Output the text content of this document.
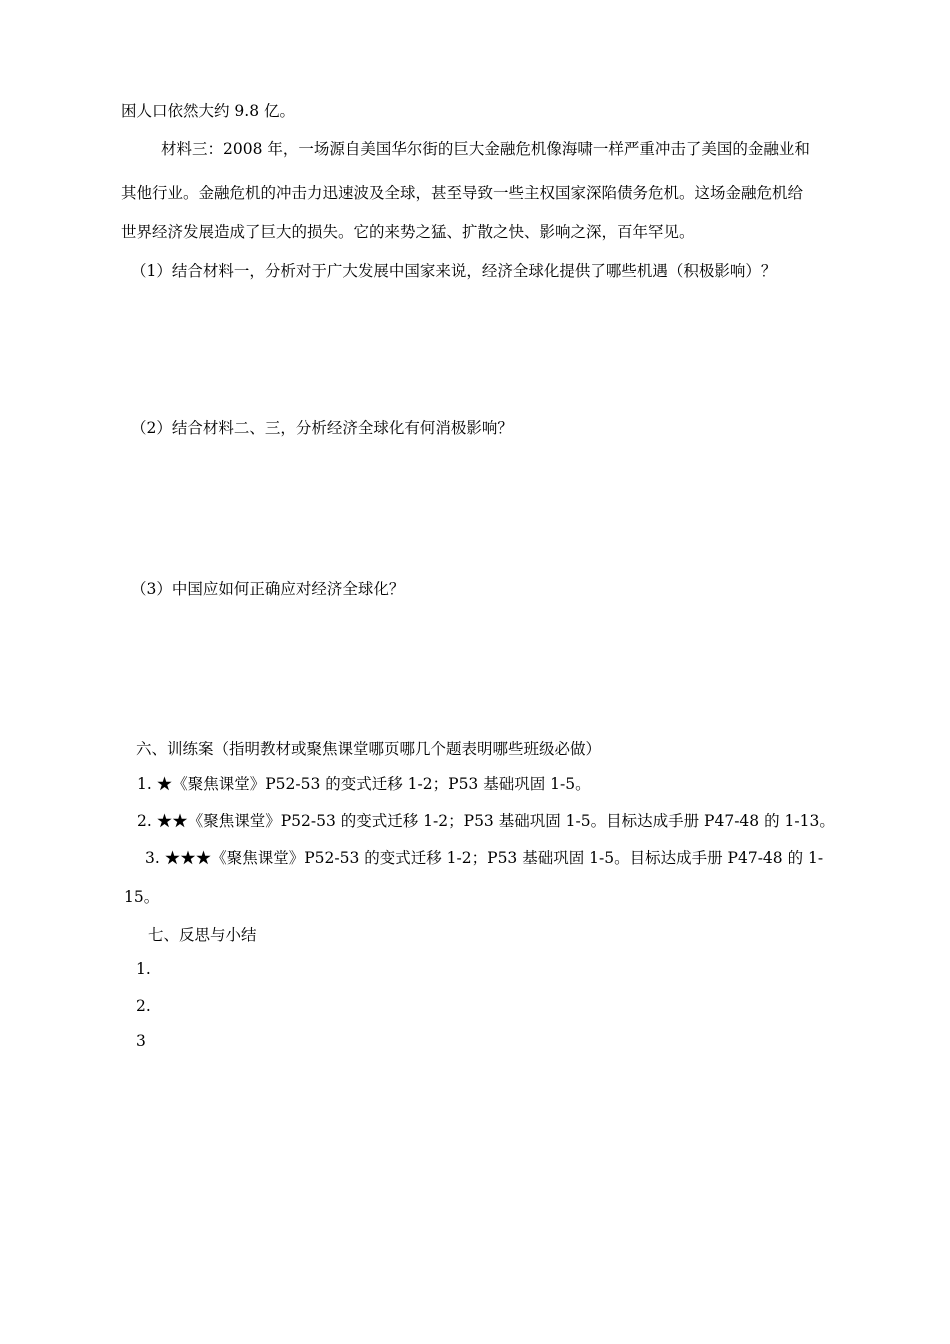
困人口依然大约 9.8 亿。
材料三：2008 年，一场源自美国华尔街的巨大金融危机像海啸一样严重冲击了美国的金融业和
其他行业。金融危机的冲击力迅速波及全球，甚至导致一些主权国家深陷债务危机。这场金融危机给
世界经济发展造成了巨大的损失。它的来势之猛、扩散之快、影响之深，百年罕见。
（1）结合材料一，分析对于广大发展中国家来说，经济全球化提供了哪些机遇（积极影响）？
（2）结合材料二、三，分析经济全球化有何消极影响？
（3）中国应如何正确应对经济全球化？
六、训练案（指明教材或聚焦课堂哪页哪几个题表明哪些班级必做）
1. ★《聚焦课堂》P52-53 的变式迁移 1-2；P53 基础巩固 1-5。
2. ★★《聚焦课堂》P52-53 的变式迁移 1-2；P53 基础巩固 1-5。目标达成手册 P47-48 的 1-13。
3. ★★★《聚焦课堂》P52-53 的变式迁移 1-2；P53 基础巩固 1-5。目标达成手册 P47-48 的 1-
15。
七、反思与小结
1.
2.
3
